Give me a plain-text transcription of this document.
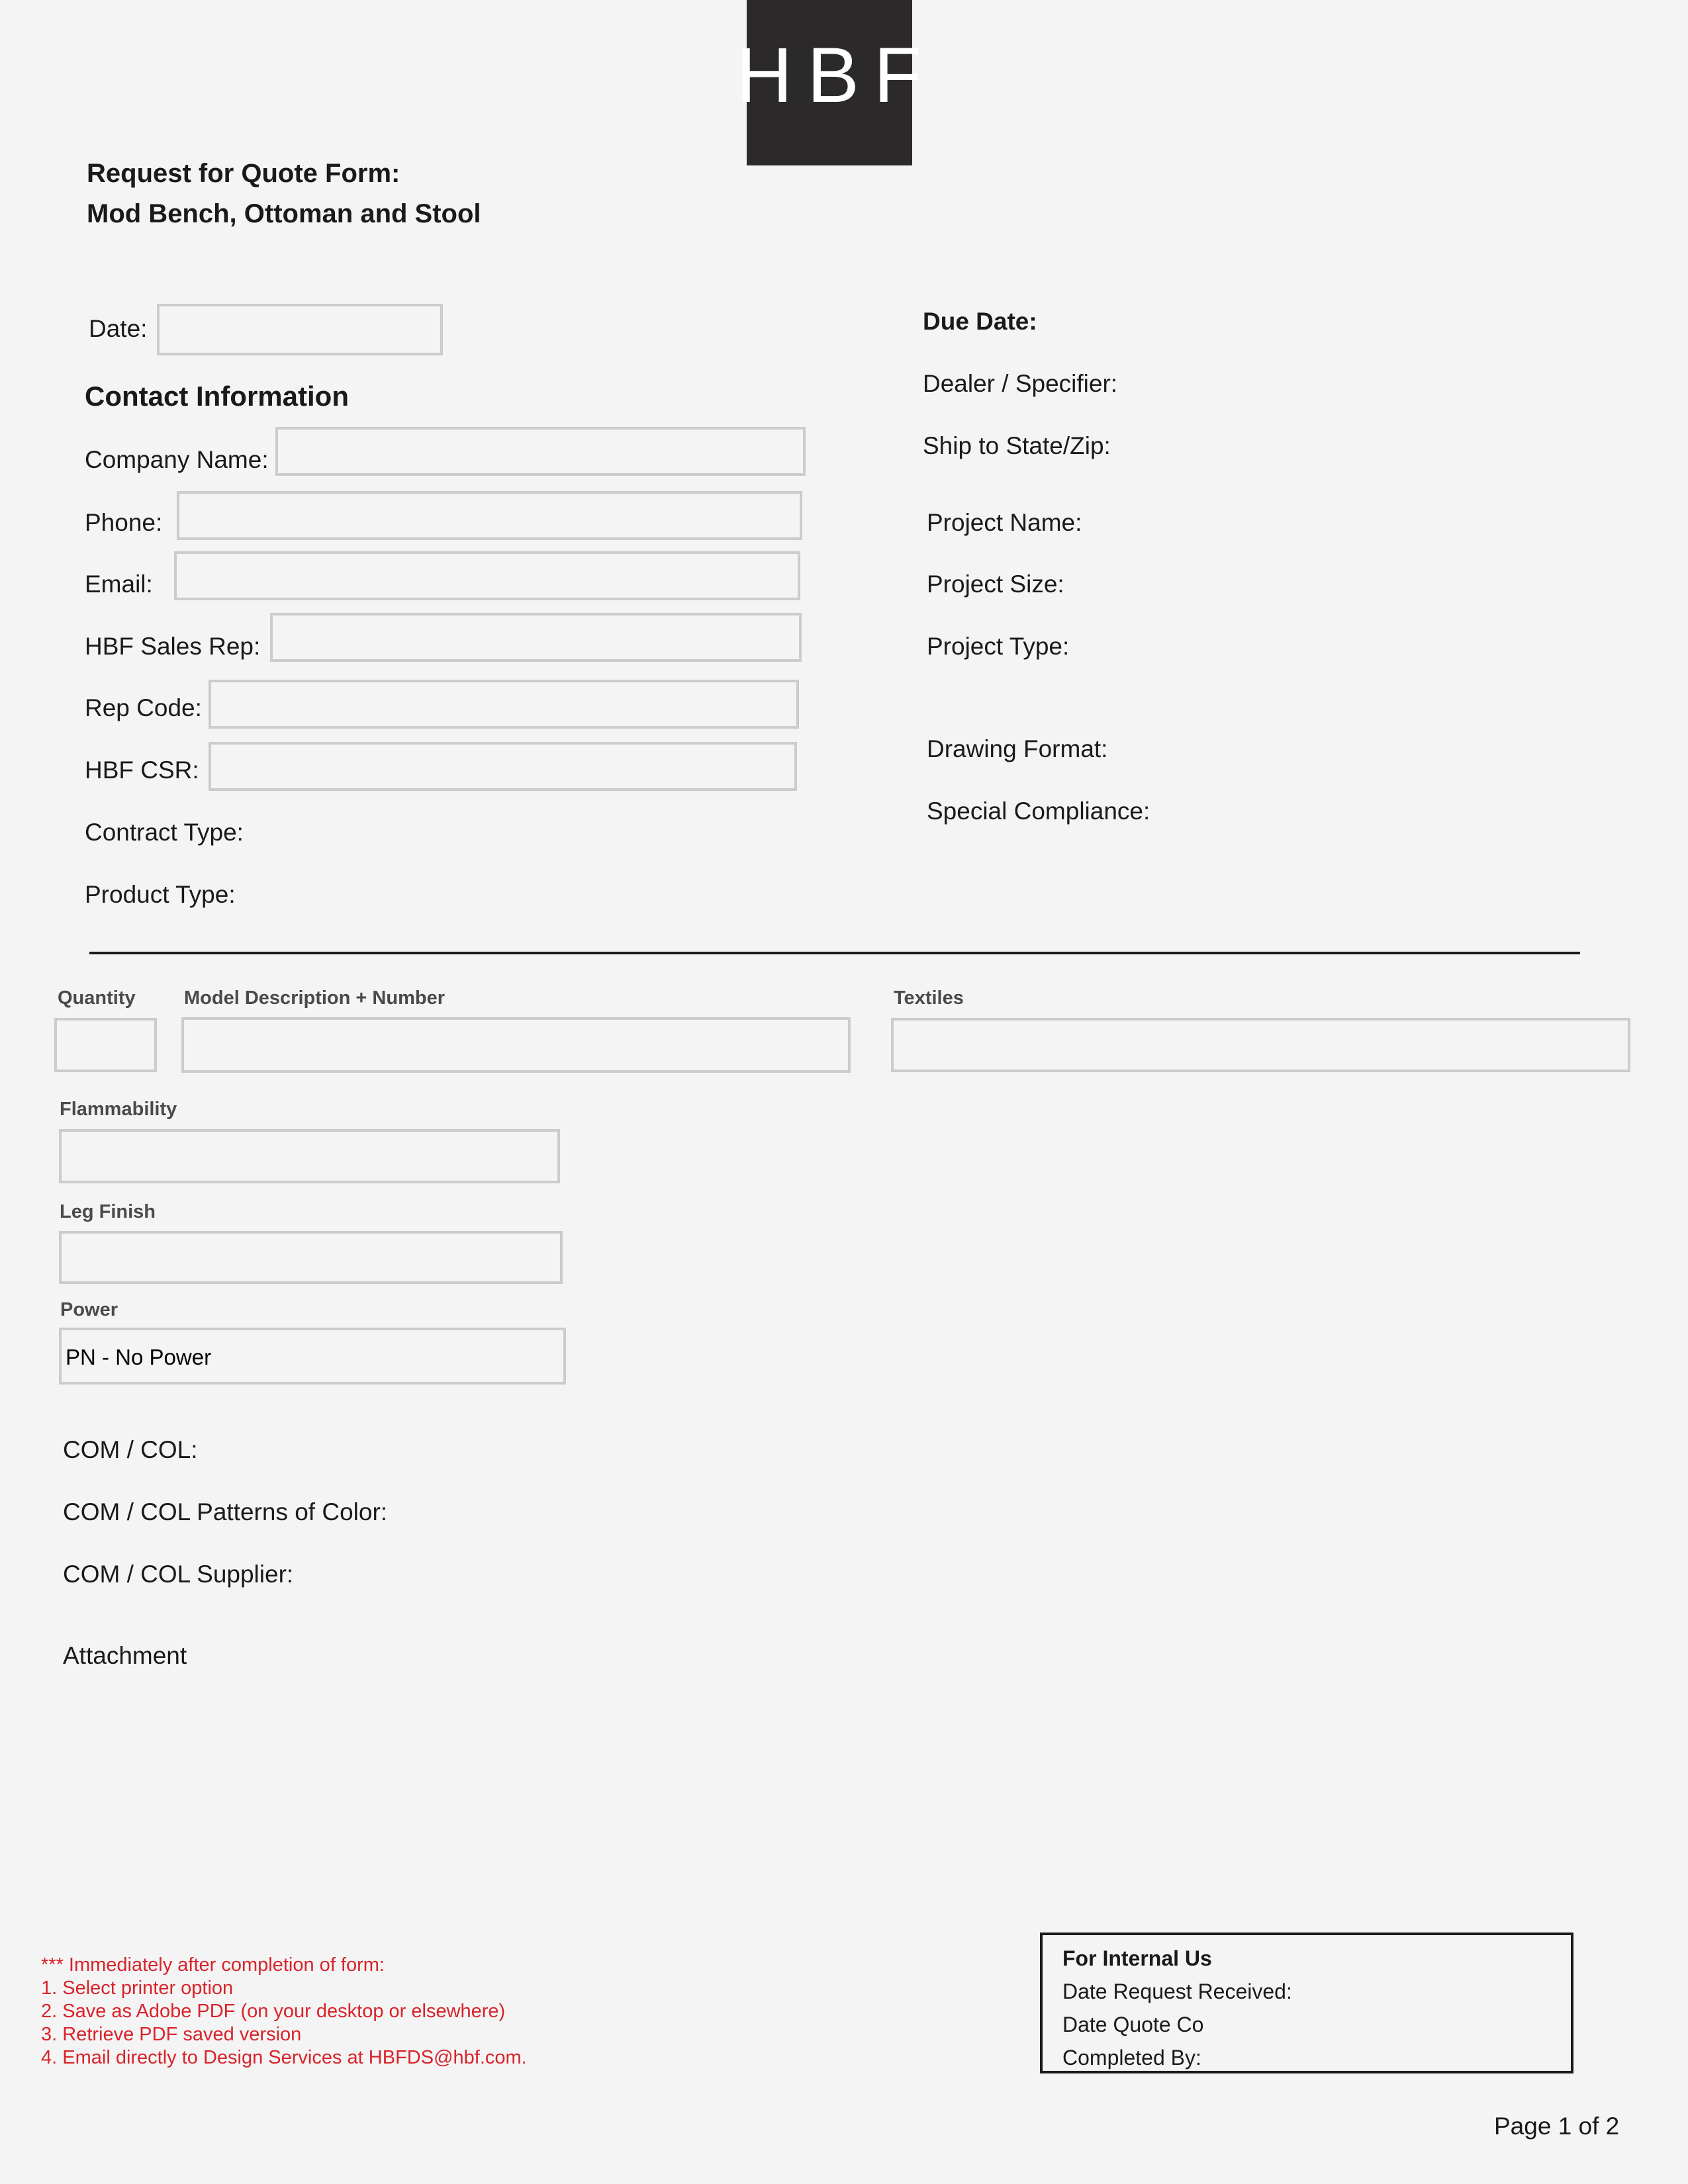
HBF
Request for Quote Form:
Mod Bench, Ottoman and Stool
Date:
Contact Information
Company Name:
Phone:
Email:
HBF Sales Rep:
Rep Code:
HBF CSR:
Contract Type:
Product Type:
Due Date:
Dealer / Specifier:
Ship to State/Zip:
Project Name:
Project Size:
Project Type:
Drawing Format:
Special Compliance:
Quantity	Model Description + Number	Textiles
Flammability
Leg Finish
Power
PN - No Power
COM / COL:
COM / COL Patterns of Color:
COM / COL Supplier:
Attachment
*** Immediately after completion of form:
1. Select printer option
2. Save as Adobe PDF (on your desktop or elsewhere)
3. Retrieve PDF saved version
4. Email directly to Design Services at HBFDS@hbf.com.
For Internal Us
Date Request Received:
Date Quote Co
Completed By:
Page 1 of 2
